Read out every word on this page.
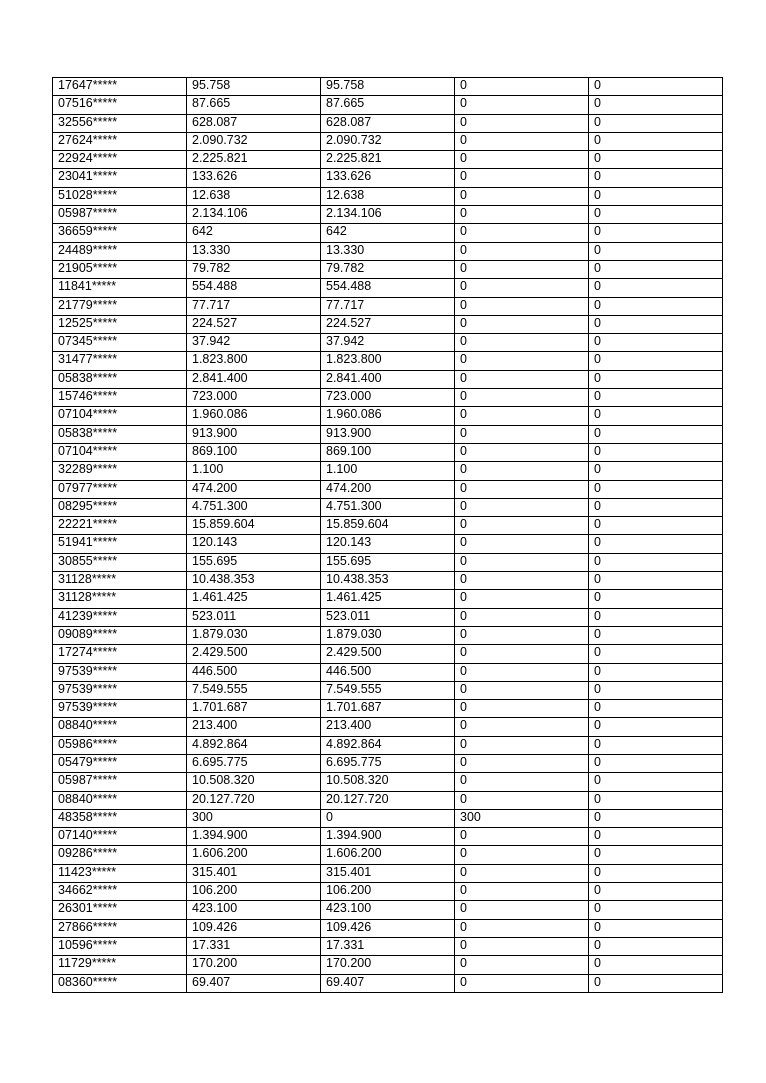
17647*****	95.758	95.758	0	0
07516*****	87.665	87.665	0	0
32556*****	628.087	628.087	0	0
27624*****	2.090.732	2.090.732	0	0
22924*****	2.225.821	2.225.821	0	0
23041*****	133.626	133.626	0	0
51028*****	12.638	12.638	0	0
05987*****	2.134.106	2.134.106	0	0
36659*****	642	642	0	0
24489*****	13.330	13.330	0	0
21905*****	79.782	79.782	0	0
11841*****	554.488	554.488	0	0
21779*****	77.717	77.717	0	0
12525*****	224.527	224.527	0	0
07345*****	37.942	37.942	0	0
31477*****	1.823.800	1.823.800	0	0
05838*****	2.841.400	2.841.400	0	0
15746*****	723.000	723.000	0	0
07104*****	1.960.086	1.960.086	0	0
05838*****	913.900	913.900	0	0
07104*****	869.100	869.100	0	0
32289*****	1.100	1.100	0	0
07977*****	474.200	474.200	0	0
08295*****	4.751.300	4.751.300	0	0
22221*****	15.859.604	15.859.604	0	0
51941*****	120.143	120.143	0	0
30855*****	155.695	155.695	0	0
31128*****	10.438.353	10.438.353	0	0
31128*****	1.461.425	1.461.425	0	0
41239*****	523.011	523.011	0	0
09089*****	1.879.030	1.879.030	0	0
17274*****	2.429.500	2.429.500	0	0
97539*****	446.500	446.500	0	0
97539*****	7.549.555	7.549.555	0	0
97539*****	1.701.687	1.701.687	0	0
08840*****	213.400	213.400	0	0
05986*****	4.892.864	4.892.864	0	0
05479*****	6.695.775	6.695.775	0	0
05987*****	10.508.320	10.508.320	0	0
08840*****	20.127.720	20.127.720	0	0
48358*****	300	0	300	0
07140*****	1.394.900	1.394.900	0	0
09286*****	1.606.200	1.606.200	0	0
11423*****	315.401	315.401	0	0
34662*****	106.200	106.200	0	0
26301*****	423.100	423.100	0	0
27866*****	109.426	109.426	0	0
10596*****	17.331	17.331	0	0
11729*****	170.200	170.200	0	0
08360*****	69.407	69.407	0	0
